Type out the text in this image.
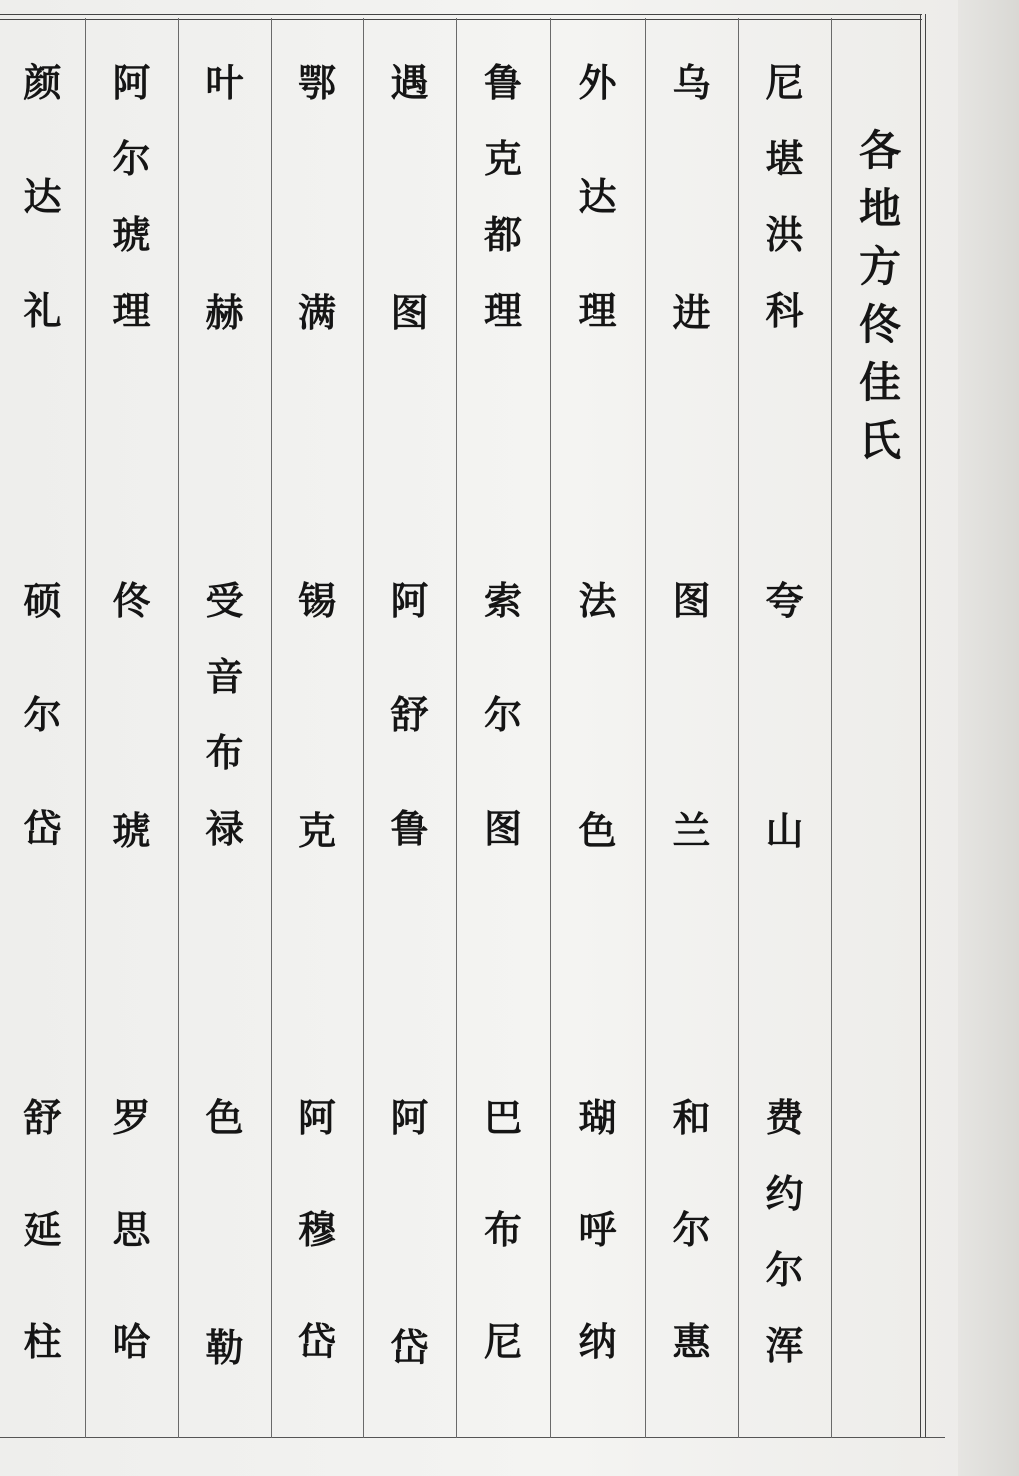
各
地
方
佟
佳
氏
尼
堪
洪
科
夸
山
费
约
尔
浑
乌
进
图
兰
和
尔
惠
外
达
理
法
色
瑚
呼
纳
鲁
克
都
理
索
尔
图
巴
布
尼
遇
图
阿
舒
鲁
阿
岱
鄂
满
锡
克
阿
穆
岱
叶
赫
受
音
布
禄
色
勒
阿
尔
琥
理
佟
琥
罗
思
哈
颜
达
礼
硕
尔
岱
舒
延
柱
